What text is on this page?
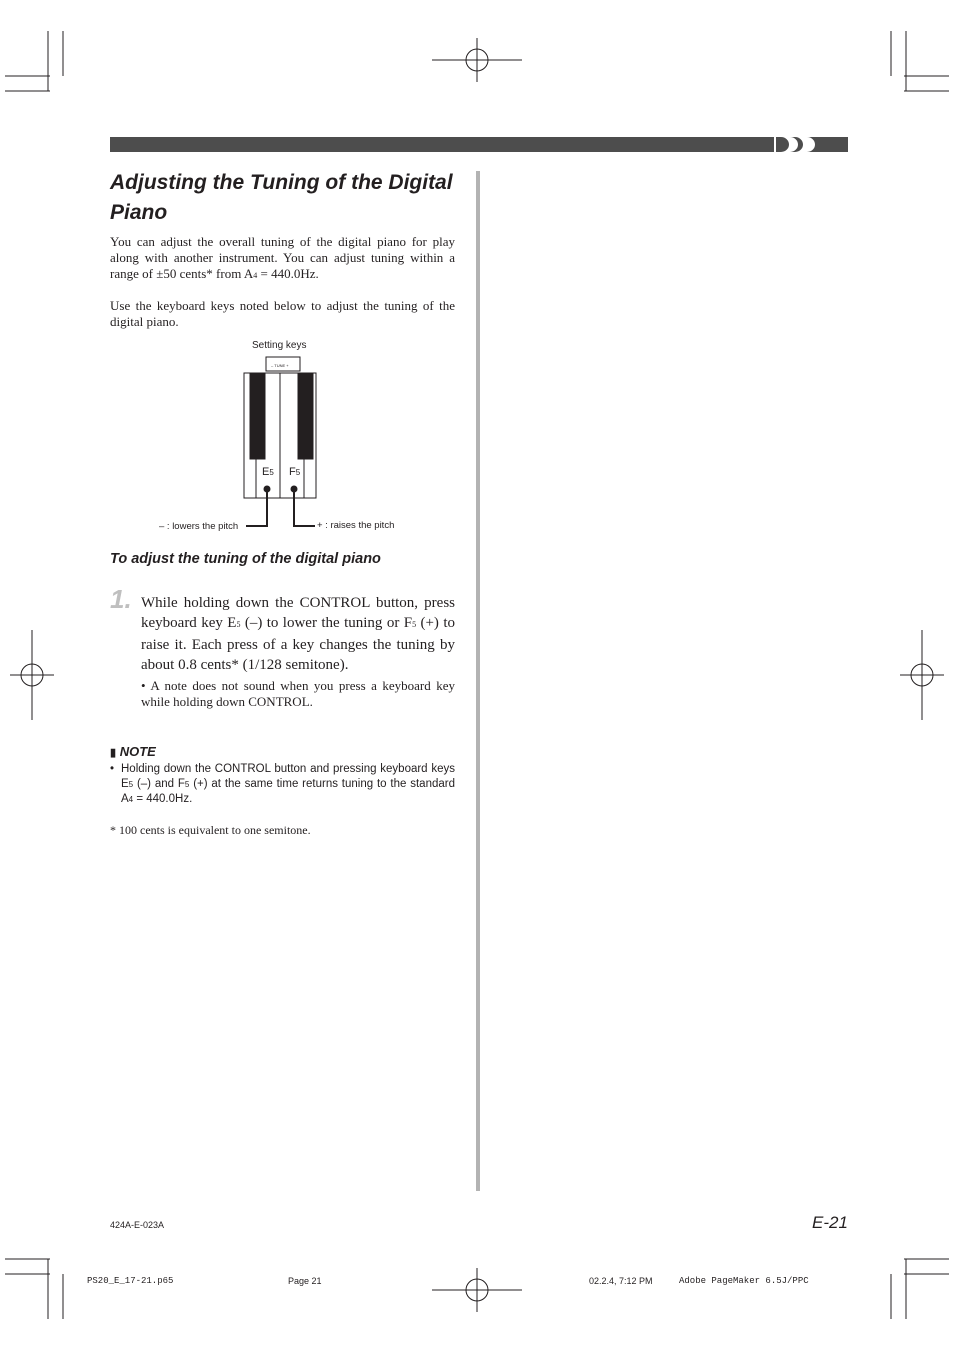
Adjusting the Tuning of the Digital Piano
You can adjust the overall tuning of the digital piano for play along with another instrument. You can adjust tuning within a range of ±50 cents* from A4 = 440.0Hz.
Use the keyboard keys noted below to adjust the tuning of the digital piano.
Setting keys
– TUNE +
E5 F5
– : lowers the pitch	+ : raises the pitch
To adjust the tuning of the digital piano
1. While holding down the CONTROL button, press keyboard key E5 (–) to lower the tuning or F5 (+) to raise it. Each press of a key changes the tuning by about 0.8 cents* (1/128 semitone).
• A note does not sound when you press a keyboard key while holding down CONTROL.
▮ NOTE
• Holding down the CONTROL button and pressing keyboard keys E5 (–) and F5 (+) at the same time returns tuning to the standard A4 = 440.0Hz.
* 100 cents is equivalent to one semitone.
E-21
424A-E-023A
PS20_E_17-21.p65	Page 21	02.2.4, 7:12 PM	Adobe PageMaker 6.5J/PPC
